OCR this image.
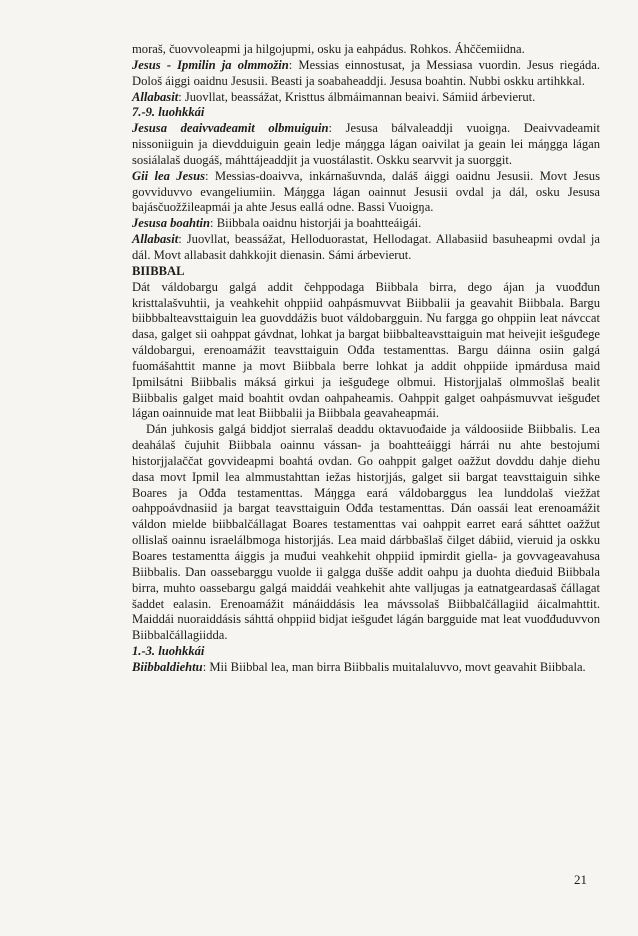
moraš, čuovvoleapmi ja hilgojupmi, osku ja eahpádus. Rohkos. Áhččemiidna.

Jesus - Ipmilin ja olmmožin: Messias einnostusat, ja Messiasa vuordin. Jesus riegáda. Dološ áiggi oaidnu Jesusii. Beasti ja soabaheaddji. Jesusa boahtin. Nubbi oskku artihkkal.

Allabasit: Juovllat, beassážat, Kristtus álbmáimannan beaivi. Sámiid árbevierut.

7.-9. luohkkái

Jesusa deaivvadeamit olbmuiguin: Jesusa bálvaleaddji vuoigŋa. Deaivvadeamit nissoniiguin ja dievdduiguin geain ledje máŋgga lágan oaivilat ja geain lei máŋgga lágan sosiálalaš duogáš, máhttájeaddjit ja vuostálastit. Oskku searvvit ja suorggit.

Gii lea Jesus: Messias-doaivva, inkárnašuvnda, daláš áiggi oaidnu Jesusii. Movt Jesus govviduvvo evangeliumiin. Máŋgga lágan oainnut Jesusii ovdal ja dál, osku Jesusa bajásčuožžileapmái ja ahte Jesus eallá odne. Bassi Vuoigŋa.

Jesusa boahtin: Biibbala oaidnu historjái ja boahtteáigái.

Allabasit: Juovllat, beassážat, Helloduorastat, Hellodagat. Allabasiid basuheapmi ovdal ja dál. Movt allabasit dahkkojit dienasin. Sámi árbevierut.

BIIBBAL

Dát váldobargu galgá addit čehppodaga Biibbala birra, dego ájan ja vuođđun kristtalašvuhtii, ja veahkehit ohppiid oahpásmuvvat Biibbalii ja geavahit Biibbala. Bargu biibbbalteavsttaiguin lea guovddážis buot váldobargguin. Nu fargga go ohppiin leat návccat dasa, galget sii oahppat gávdnat, lohkat ja bargat biibbalteavsttaiguin mat heivejit iešguđege váldobargui, erenoamážit teavsttaiguin Ođđa testamenttas. Bargu dáinna osiin galgá fuomášahttit manne ja movt Biibbala berre lohkat ja addit ohppiide ipmárdusa maid Ipmilsátni Biibbalis máksá girkui ja iešguđege olbmui. Historjjalaš olmmošlaš bealit Biibbalis galget maid boahtit ovdan oahpaheamis. Oahppit galget oahpásmuvvat iešguđet lágan oainnuide mat leat Biibbalii ja Biibbala geavaheapmái.

Dán juhkosis galgá biddjot sierralaš deaddu oktavuođaide ja váldoosiide Biibbalis. Lea deahálaš čujuhit Biibbala oainnu vássan- ja boahtteáiggi hárrái nu ahte bestojumi historjjalaččat govvideapmi boahtá ovdan. Go oahppit galget oažžut dovddu dahje diehu dasa movt Ipmil lea almmustahttan iežas historjjás, galget sii bargat teavsttaiguin sihke Boares ja Ođđa testamenttas. Máŋgga eará váldobarggus lea lunddolaš viežžat oahppoávdnasiid ja bargat teavsttaiguin Ođđa testamenttas. Dán oassái leat erenoamážit váldon mielde biibbalčállagat Boares testamenttas vai oahppit earret eará sáhttet oažžut ollislaš oainnu israelálbmoga historjjás. Lea maid dárbbašlaš čilget dábiid, vieruid ja oskku Boares testamentta áiggis ja muđui veahkehit ohppiid ipmirdit giella- ja govvageavahusa Biibbalis. Dan oassebarggu vuolde ii galgga dušše addit oahpu ja duohta dieđuid Biibbala birra, muhto oassebargu galgá maiddái veahkehit ahte valljugas ja eatnatgeardasaš čállagat šaddet ealasin. Erenoamážit mánáiddásis lea mávssolaš Biibbalčállagiid áicalmahttit. Maiddái nuoraiddásis sáhttá ohppiid bidjat iešguđet lágán bargguide mat leat vuođđuduvvon Biibbalčállagiidda.

1.-3. luohkkái

Biibbaldiehtu: Mii Biibbal lea, man birra Biibbalis muitalaluvvo, movt geavahit Biibbala.

21
